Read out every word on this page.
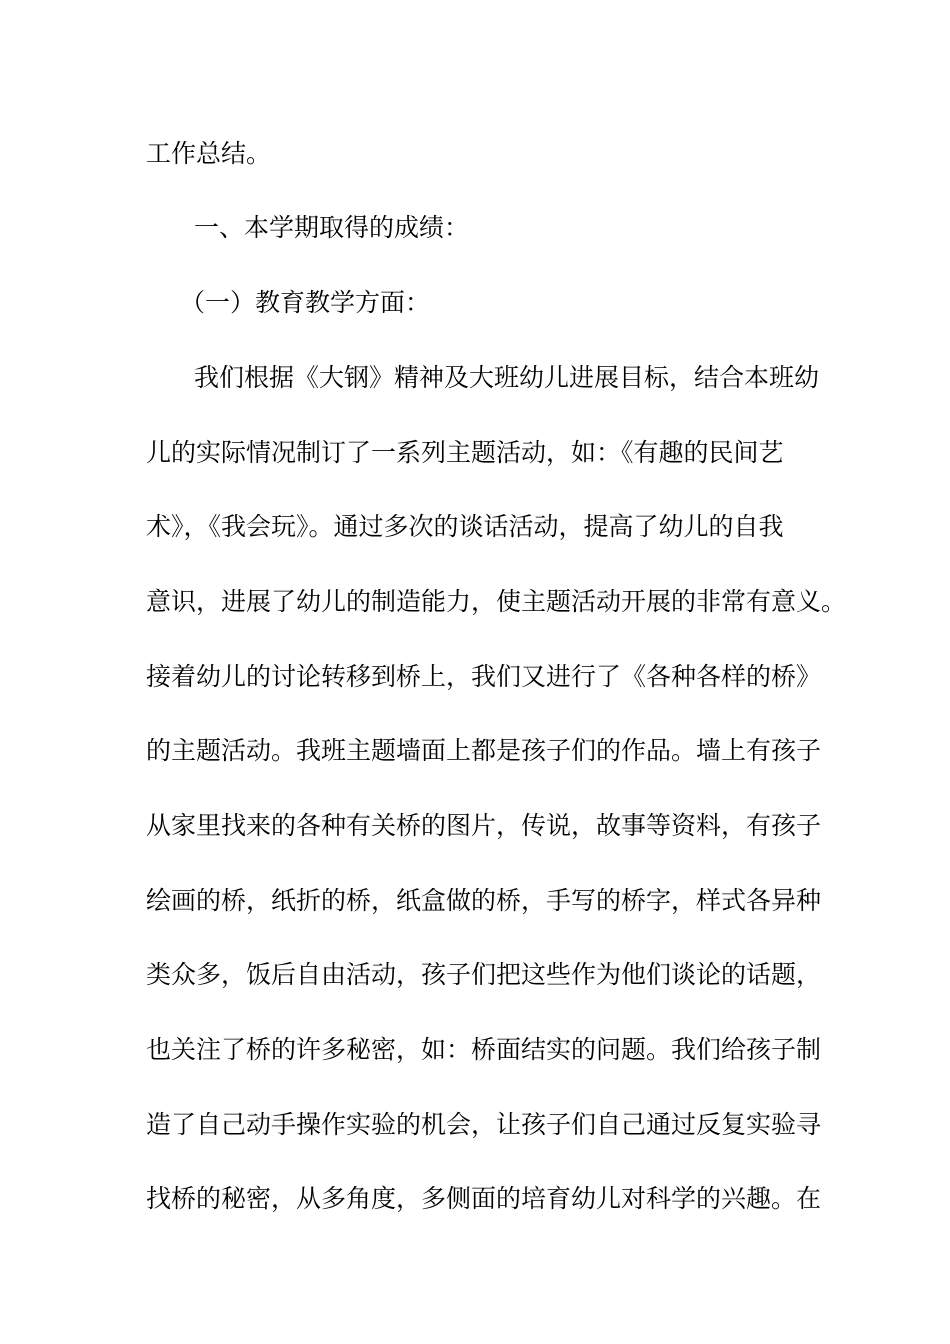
工作总结。

一、本学期取得的成绩：

（一）教育教学方面：

我们根据《大钢》精神及大班幼儿进展目标，结合本班幼

儿的实际情况制订了一系列主题活动，如：《有趣的民间艺

术》，《我会玩》。通过多次的谈话活动，提高了幼儿的自我

意识，进展了幼儿的制造能力，使主题活动开展的非常有意义。

接着幼儿的讨论转移到桥上，我们又进行了《各种各样的桥》

的主题活动。我班主题墙面上都是孩子们的作品。墙上有孩子

从家里找来的各种有关桥的图片，传说，故事等资料，有孩子

绘画的桥，纸折的桥，纸盒做的桥，手写的桥字，样式各异种

类众多，饭后自由活动，孩子们把这些作为他们谈论的话题，

也关注了桥的许多秘密，如：桥面结实的问题。我们给孩子制

造了自己动手操作实验的机会，让孩子们自己通过反复实验寻

找桥的秘密，从多角度，多侧面的培育幼儿对科学的兴趣。在
